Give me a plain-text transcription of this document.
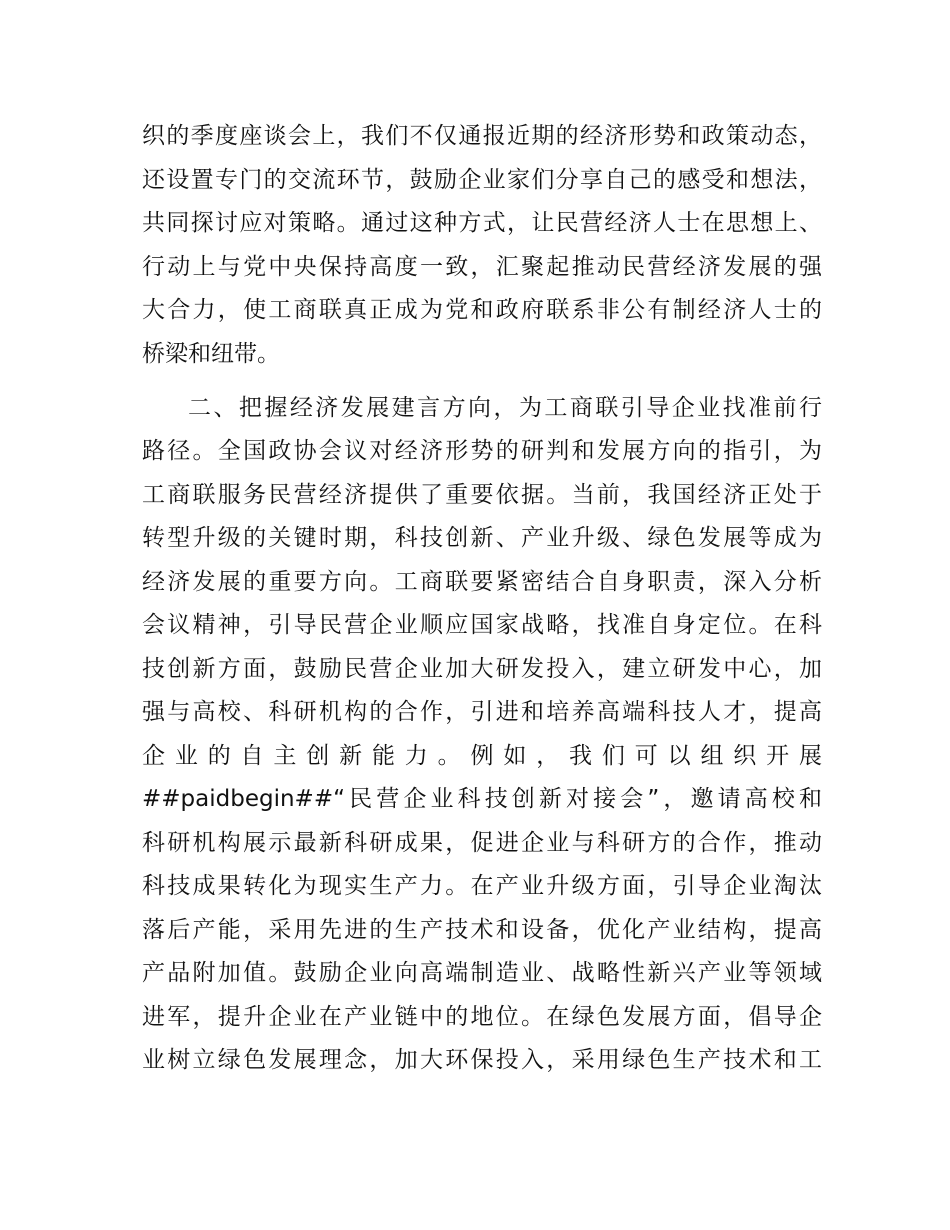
织的季度座谈会上，我们不仅通报近期的经济形势和政策动态，
还设置专门的交流环节，鼓励企业家们分享自己的感受和想法，
共同探讨应对策略。通过这种方式，让民营经济人士在思想上、
行动上与党中央保持高度一致，汇聚起推动民营经济发展的强
大合力，使工商联真正成为党和政府联系非公有制经济人士的
桥梁和纽带。
二、把握经济发展建言方向，为工商联引导企业找准前行
路径。全国政协会议对经济形势的研判和发展方向的指引，为
工商联服务民营经济提供了重要依据。当前，我国经济正处于
转型升级的关键时期，科技创新、产业升级、绿色发展等成为
经济发展的重要方向。工商联要紧密结合自身职责，深入分析
会议精神，引导民营企业顺应国家战略，找准自身定位。在科
技创新方面，鼓励民营企业加大研发投入，建立研发中心，加
强与高校、科研机构的合作，引进和培养高端科技人才，提高
企业的自主创新能力。例如，我们可以组织开展
##paidbegin##“民营企业科技创新对接会”，邀请高校和
科研机构展示最新科研成果，促进企业与科研方的合作，推动
科技成果转化为现实生产力。在产业升级方面，引导企业淘汰
落后产能，采用先进的生产技术和设备，优化产业结构，提高
产品附加值。鼓励企业向高端制造业、战略性新兴产业等领域
进军，提升企业在产业链中的地位。在绿色发展方面，倡导企
业树立绿色发展理念，加大环保投入，采用绿色生产技术和工
